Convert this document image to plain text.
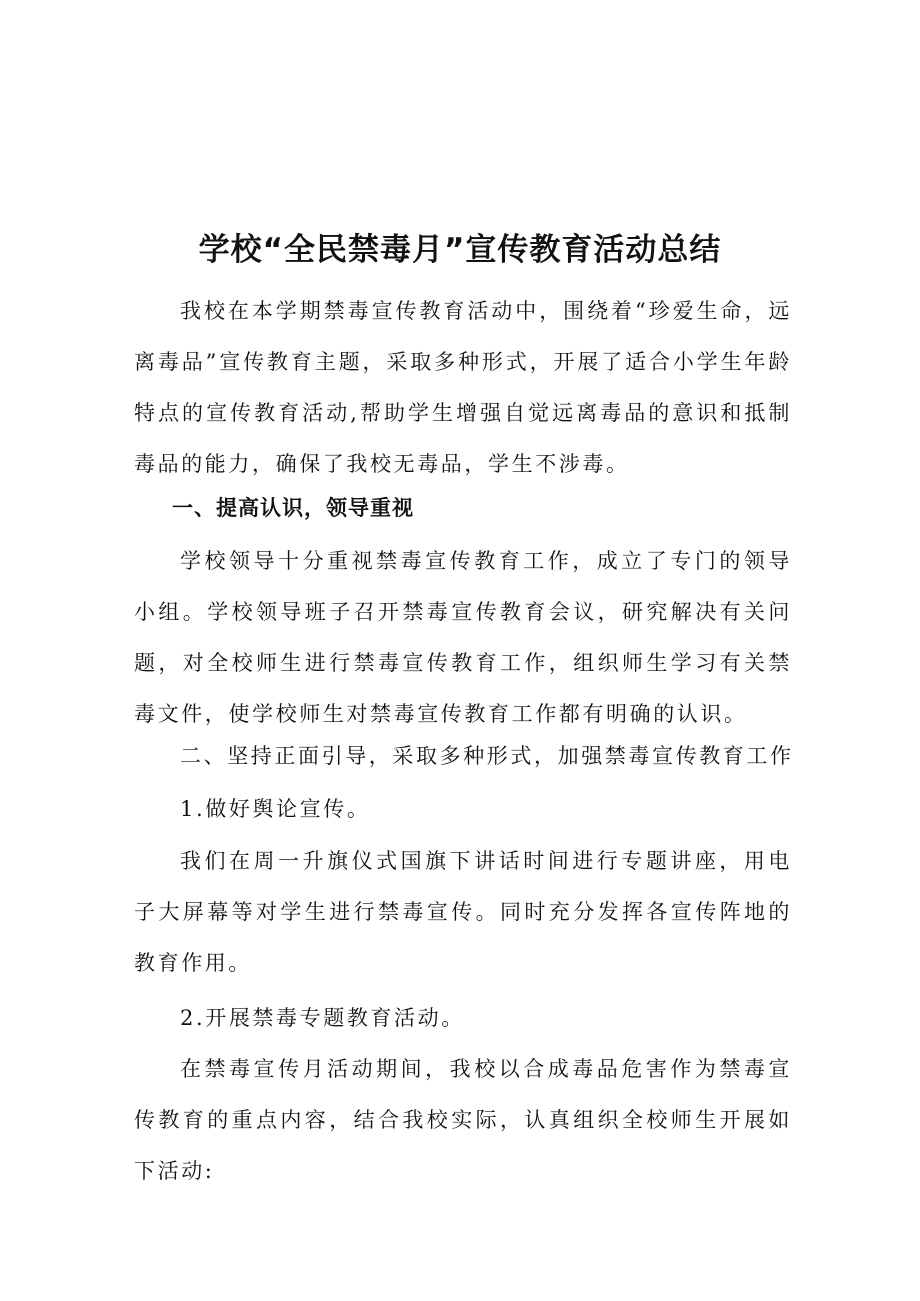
学校“全民禁毒月”宣传教育活动总结

我校在本学期禁毒宣传教育活动中，围绕着“珍爱生命，远离毒品”宣传教育主题，采取多种形式，开展了适合小学生年龄特点的宣传教育活动,帮助学生增强自觉远离毒品的意识和抵制毒品的能力，确保了我校无毒品，学生不涉毒。

一、提高认识，领导重视

学校领导十分重视禁毒宣传教育工作，成立了专门的领导小组。学校领导班子召开禁毒宣传教育会议，研究解决有关问题，对全校师生进行禁毒宣传教育工作，组织师生学习有关禁毒文件，使学校师生对禁毒宣传教育工作都有明确的认识。

二、坚持正面引导，采取多种形式，加强禁毒宣传教育工作

1.做好舆论宣传。

我们在周一升旗仪式国旗下讲话时间进行专题讲座，用电子大屏幕等对学生进行禁毒宣传。同时充分发挥各宣传阵地的教育作用。

2.开展禁毒专题教育活动。

在禁毒宣传月活动期间，我校以合成毒品危害作为禁毒宣传教育的重点内容，结合我校实际，认真组织全校师生开展如下活动:
